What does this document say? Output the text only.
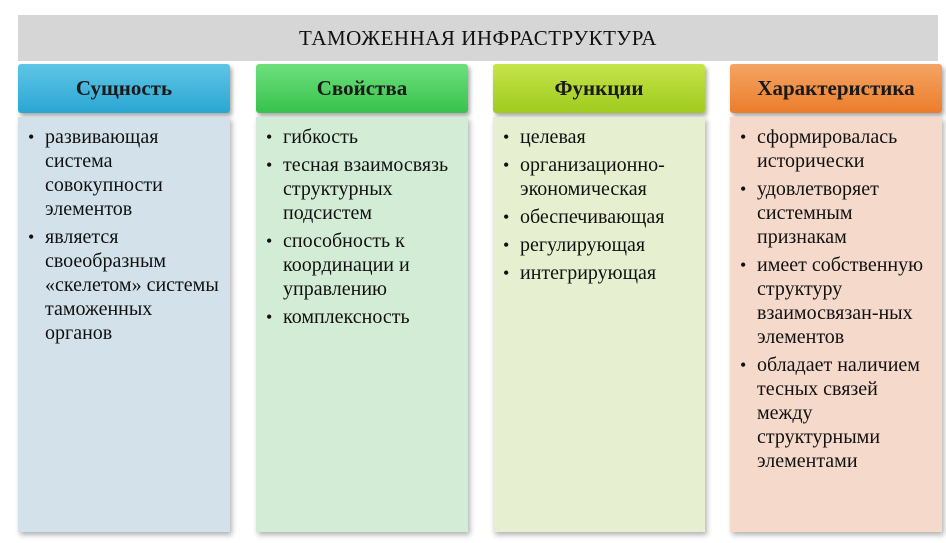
ТАМОЖЕННАЯ ИНФРАСТРУКТУРА
Сущность
• развивающая система совокупности элементов
• является своеобразным «скелетом» системы таможенных органов
Свойства
• гибкость
• тесная взаимосвязь структурных подсистем
• способность к координации и управлению
• комплексность
Функции
• целевая
• организационно-экономическая
• обеспечивающая
• регулирующая
• интегрирующая
Характеристика
• сформировалась исторически
• удовлетворяет системным признакам
• имеет собственную структуру взаимосвязан-ных элементов
• обладает наличием тесных связей между структурными элементами
